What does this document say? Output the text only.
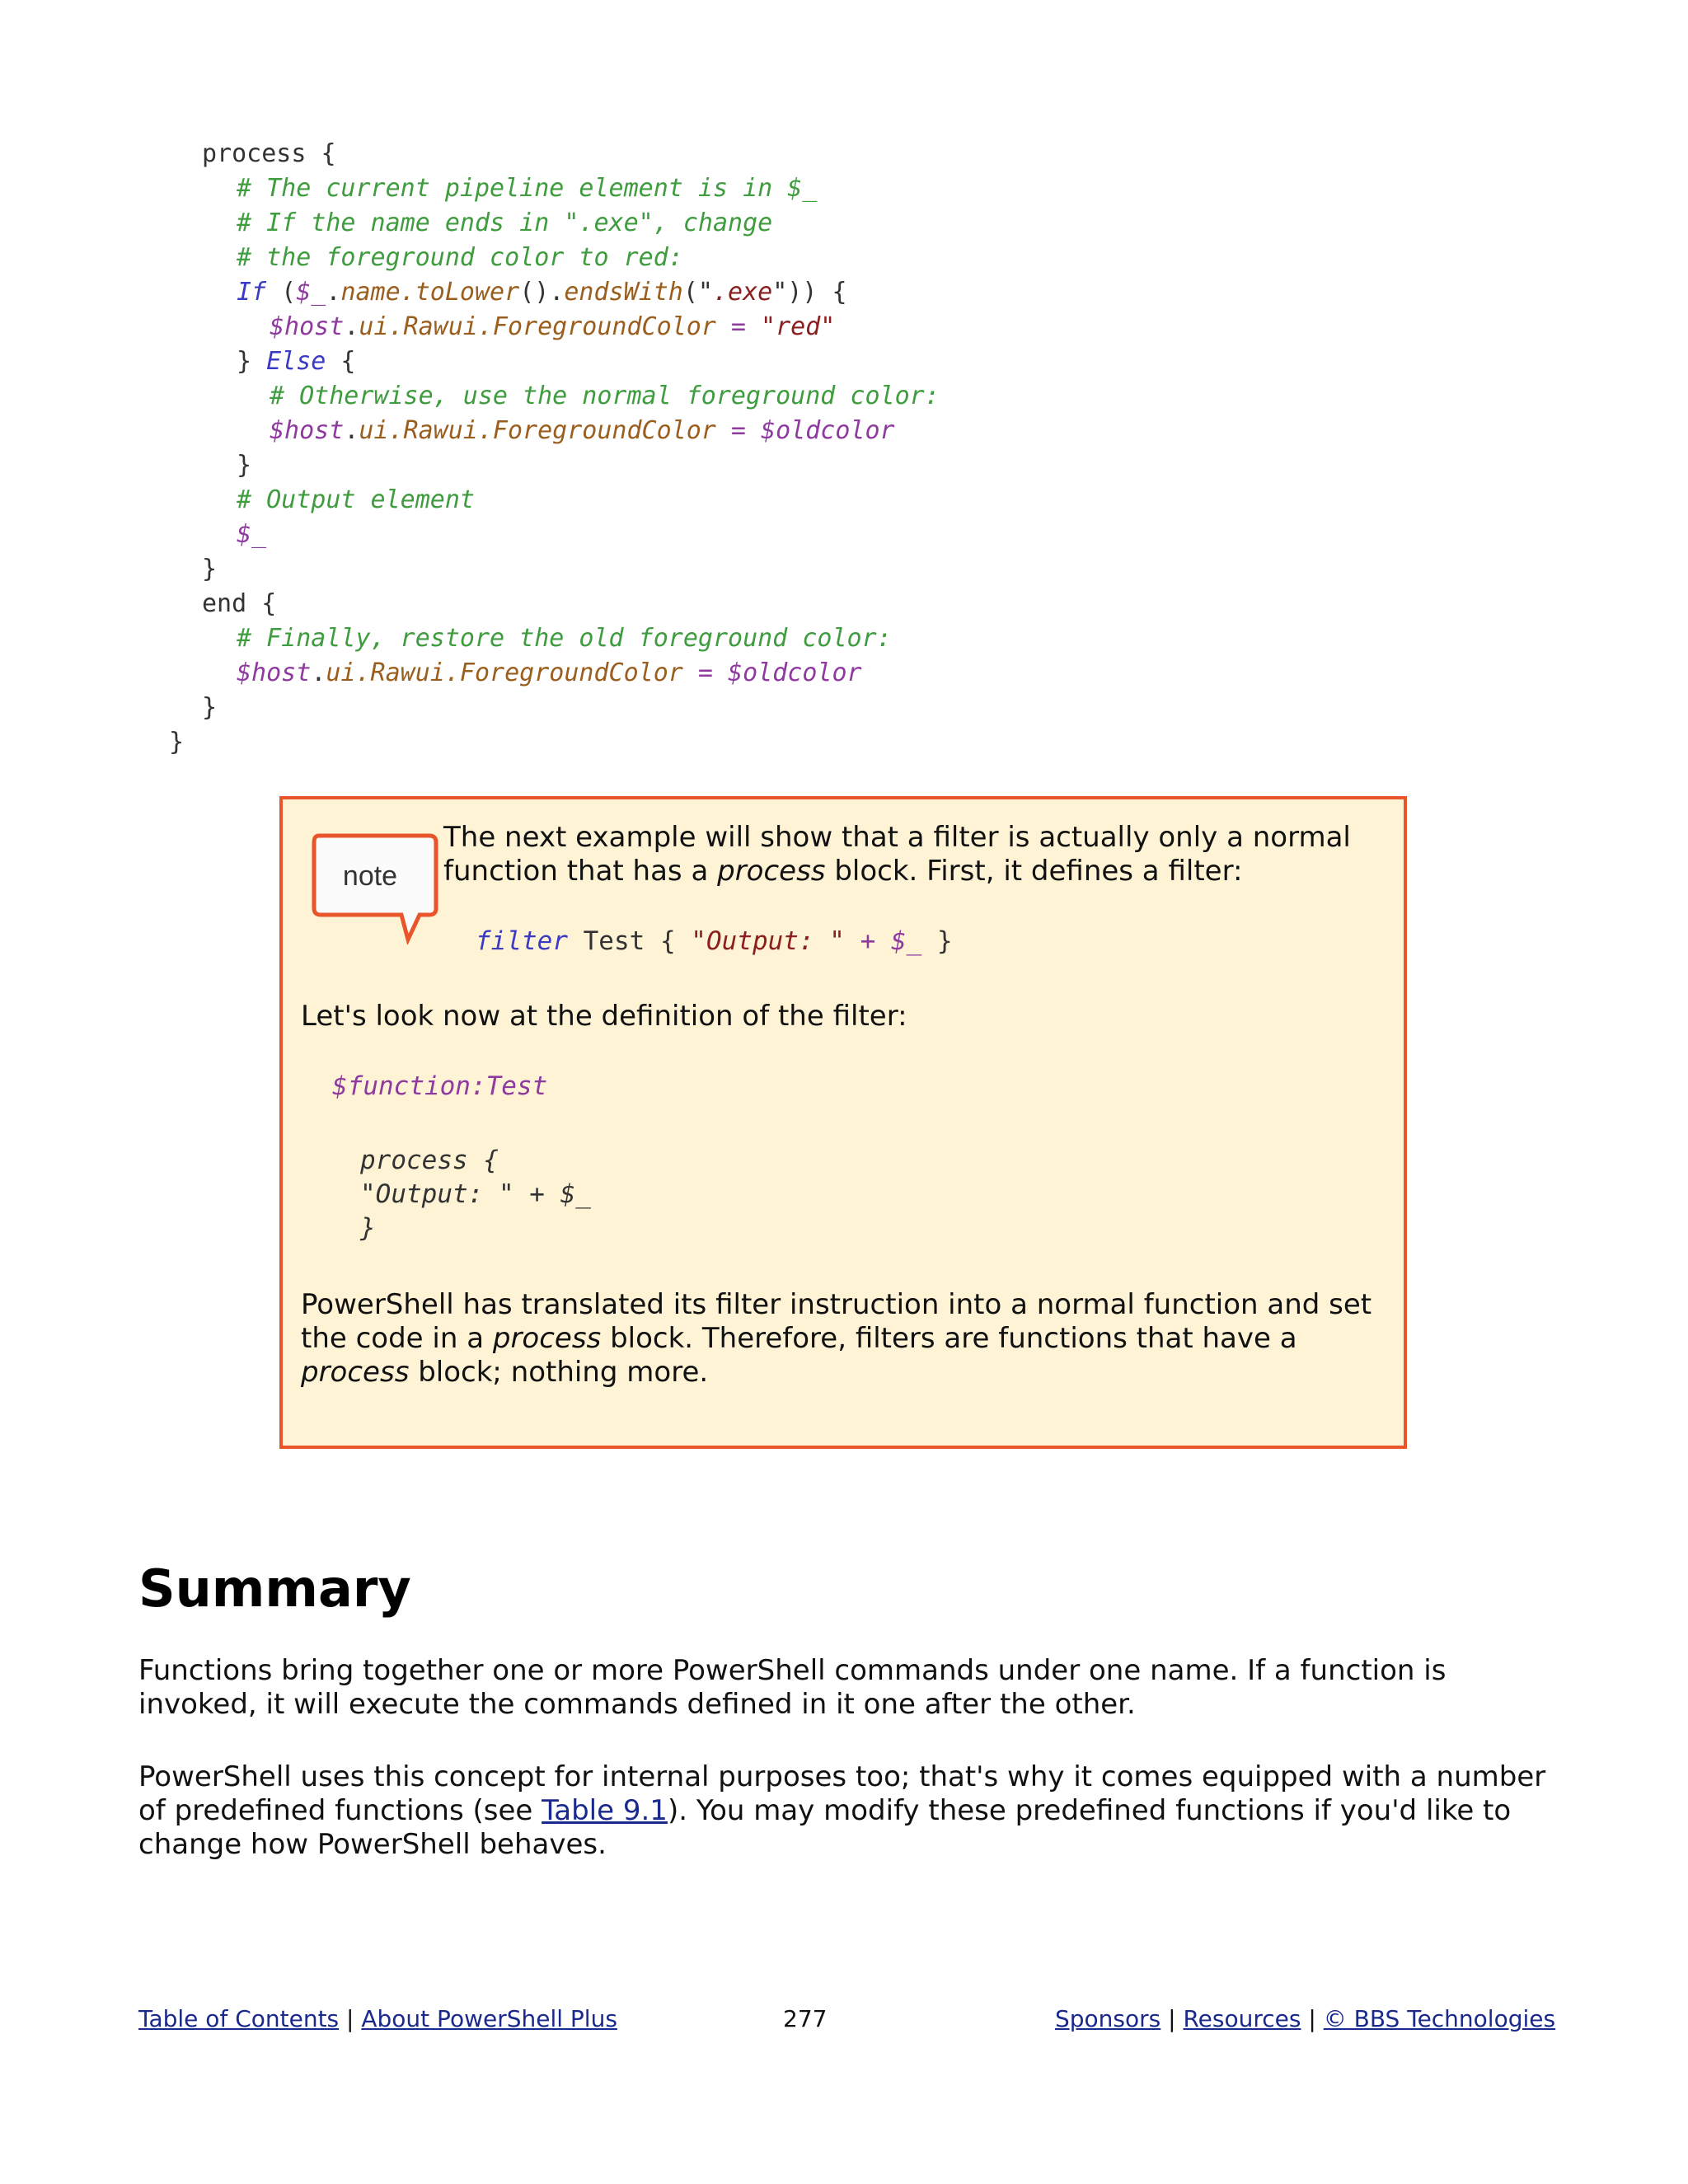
process {
# The current pipeline element is in $_
# If the name ends in ".exe", change
# the foreground color to red:
If ($_.name.toLower().endsWith(".exe")) {
$host.ui.Rawui.ForegroundColor = "red"
} Else {
# Otherwise, use the normal foreground color:
$host.ui.Rawui.ForegroundColor = $oldcolor
}
# Output element
$_
}
end {
# Finally, restore the old foreground color:
$host.ui.Rawui.ForegroundColor = $oldcolor
}
}
note
The next example will show that a filter is actually only a normal
function that has a process block. First, it defines a filter:
filter Test { "Output: " + $_ }
Let's look now at the definition of the filter:
$function:Test
process {
"Output: " + $_
}
PowerShell has translated its filter instruction into a normal function and set
the code in a process block. Therefore, filters are functions that have a
process block; nothing more.
Summary
Functions bring together one or more PowerShell commands under one name. If a function is
invoked, it will execute the commands defined in it one after the other.
PowerShell uses this concept for internal purposes too; that's why it comes equipped with a number
of predefined functions (see Table 9.1). You may modify these predefined functions if you'd like to
change how PowerShell behaves.
Table of Contents | About PowerShell Plus	277	Sponsors | Resources | © BBS Technologies
